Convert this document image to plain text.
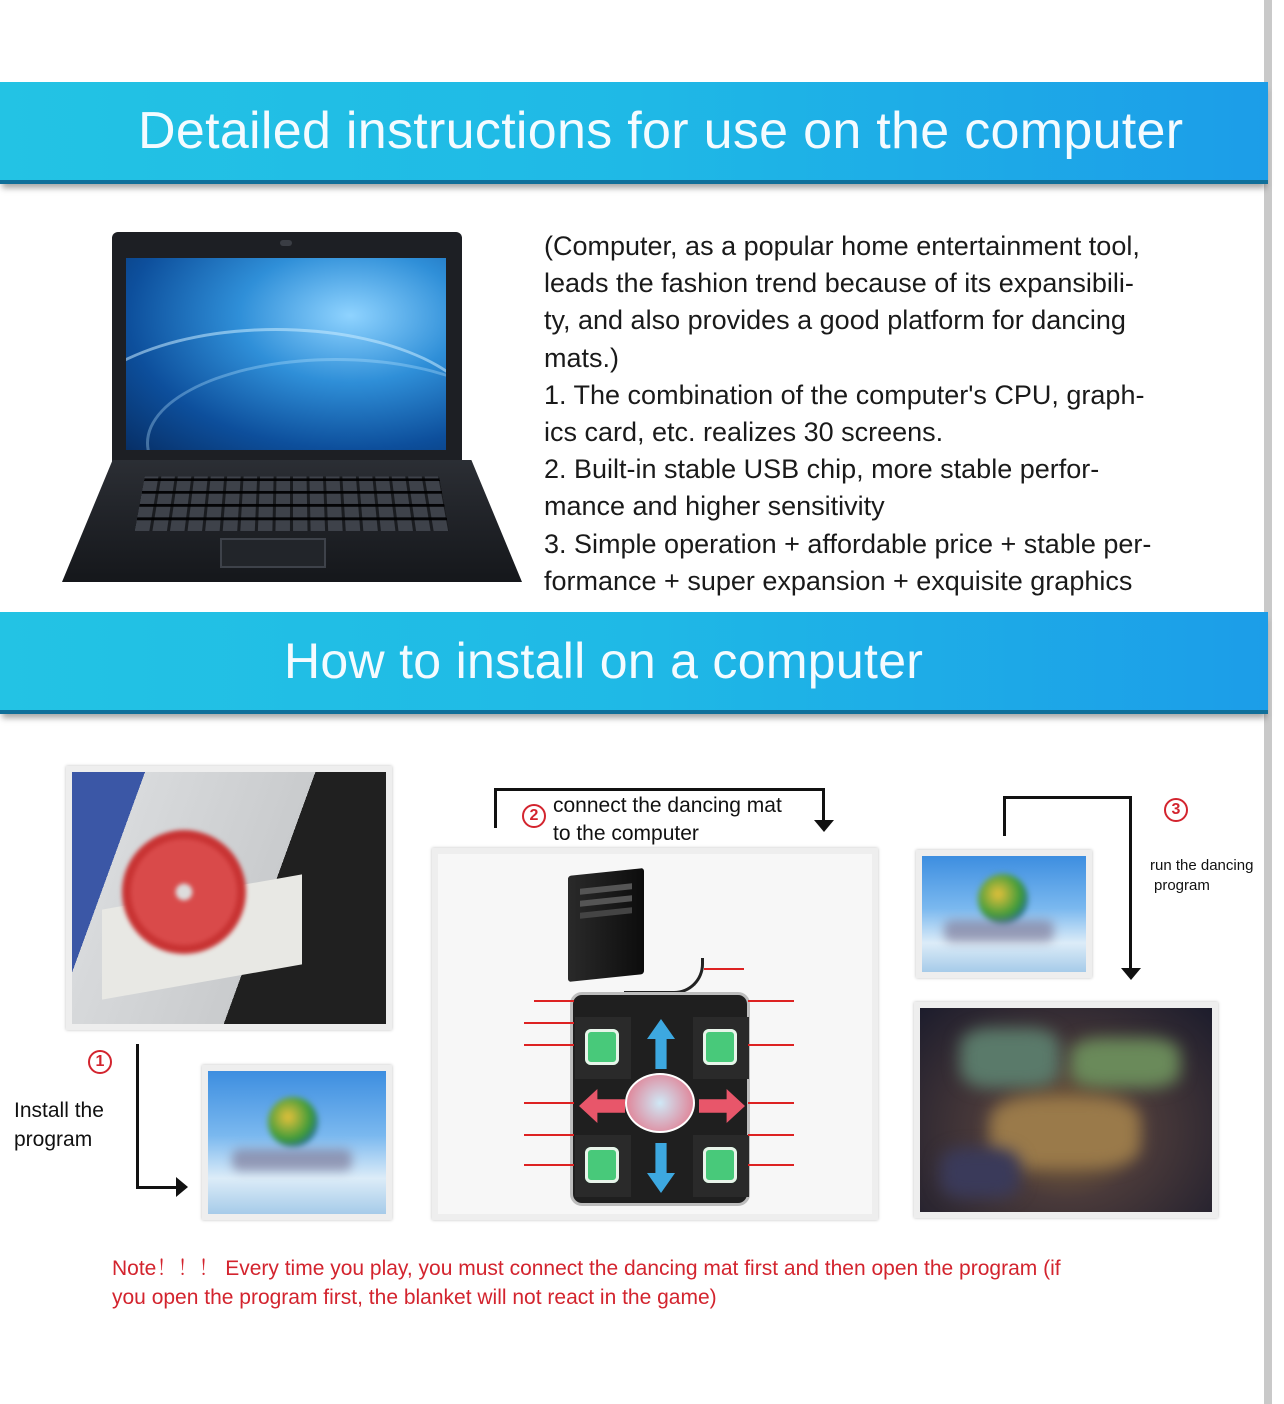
Detailed instructions for use on the computer

(Computer, as a popular home entertainment tool,

leads the fashion trend because of its expansibili-

ty, and also provides a good platform for dancing

mats.)

1. The combination of the computer's CPU, graph-

ics card, etc. realizes 30 screens.

2. Built-in stable USB chip, more stable perfor-

mance and higher sensitivity

3. Simple operation + affordable price + stable per-

formance + super expansion + exquisite graphics

How to install on a computer
1
Install the
program
2 connect the dancing mat
to the computer
3
run the dancing
program

Note！！！ Every time you play, you must connect the dancing mat first and then open the program (if

you open the program first, the blanket will not react in the game)
